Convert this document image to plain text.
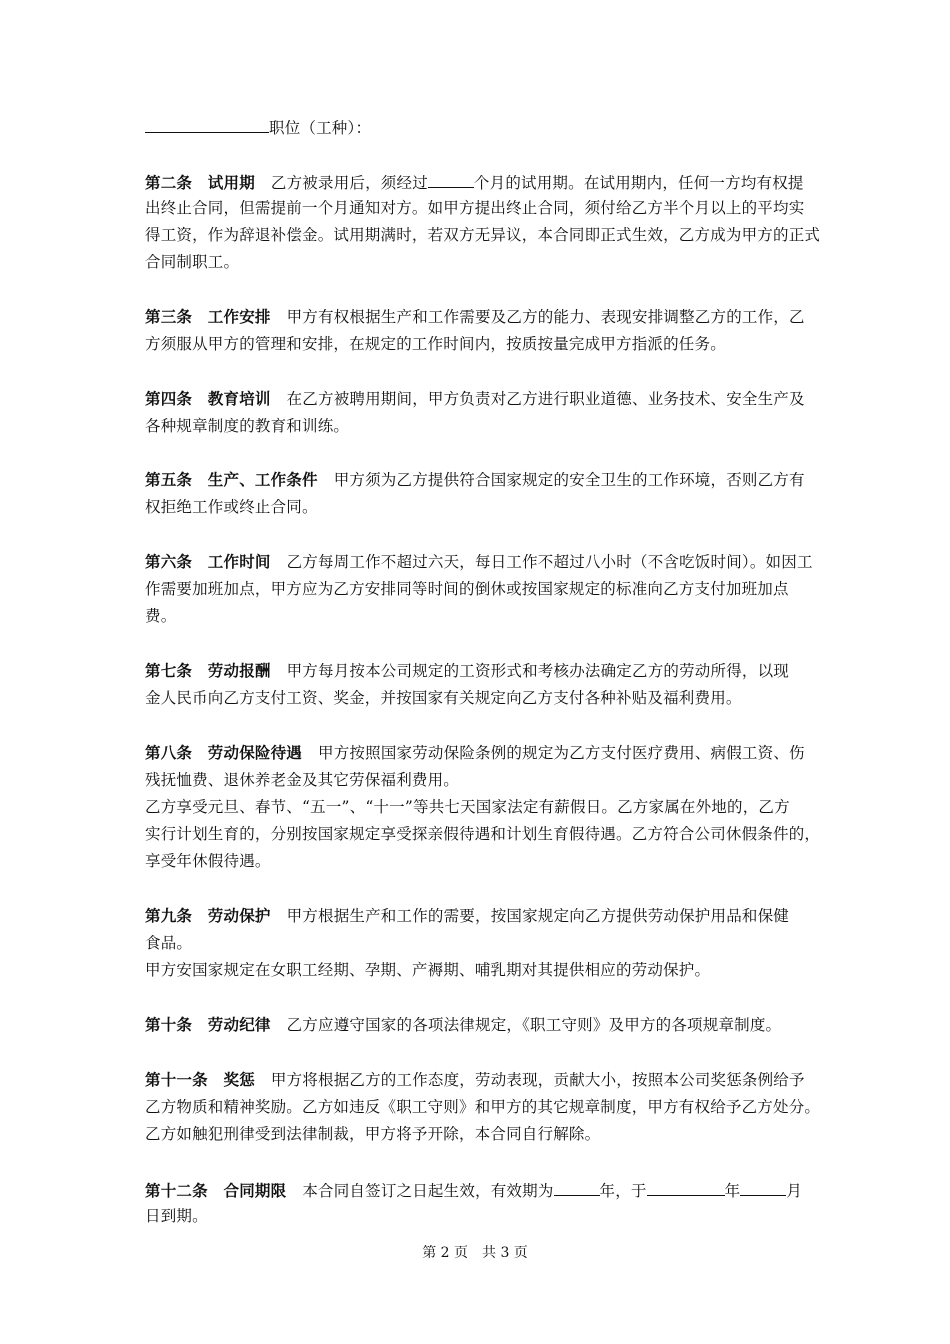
职位（工种）：
第二条　试用期 乙方被录用后，须经过	个月的试用期。在试用期内，任何一方均有权提
出终止合同，但需提前一个月通知对方。如甲方提出终止合同，须付给乙方半个月以上的平均实
得工资，作为辞退补偿金。试用期满时，若双方无异议，本合同即正式生效，乙方成为甲方的正式
合同制职工。
第三条　工作安排 甲方有权根据生产和工作需要及乙方的能力、表现安排调整乙方的工作，乙
方须服从甲方的管理和安排，在规定的工作时间内，按质按量完成甲方指派的任务。
第四条　教育培训 在乙方被聘用期间，甲方负责对乙方进行职业道德、业务技术、安全生产及
各种规章制度的教育和训练。
第五条　生产、工作条件 甲方须为乙方提供符合国家规定的安全卫生的工作环境，否则乙方有
权拒绝工作或终止合同。
第六条　工作时间 乙方每周工作不超过六天，每日工作不超过八小时（不含吃饭时间）。如因工
作需要加班加点，甲方应为乙方安排同等时间的倒休或按国家规定的标准向乙方支付加班加点
费。
第七条　劳动报酬 甲方每月按本公司规定的工资形式和考核办法确定乙方的劳动所得，以现
金人民币向乙方支付工资、奖金，并按国家有关规定向乙方支付各种补贴及福利费用。
第八条　劳动保险待遇 甲方按照国家劳动保险条例的规定为乙方支付医疗费用、病假工资、伤
残抚恤费、退休养老金及其它劳保福利费用。
乙方享受元旦、春节、“五一”、“十一”等共七天国家法定有薪假日。乙方家属在外地的，乙方
实行计划生育的，分别按国家规定享受探亲假待遇和计划生育假待遇。乙方符合公司休假条件的，
享受年休假待遇。
第九条　劳动保护 甲方根据生产和工作的需要，按国家规定向乙方提供劳动保护用品和保健
食品。
甲方安国家规定在女职工经期、孕期、产褥期、哺乳期对其提供相应的劳动保护。
第十条　劳动纪律 乙方应遵守国家的各项法律规定，《职工守则》及甲方的各项规章制度。
第十一条　奖惩 甲方将根据乙方的工作态度，劳动表现，贡献大小，按照本公司奖惩条例给予
乙方物质和精神奖励。乙方如违反《职工守则》和甲方的其它规章制度，甲方有权给予乙方处分。
乙方如触犯刑律受到法律制裁，甲方将予开除，本合同自行解除。
第十二条　合同期限 本合同自签订之日起生效，有效期为	年，于	年	月
日到期。
第 2 页　共 3 页
